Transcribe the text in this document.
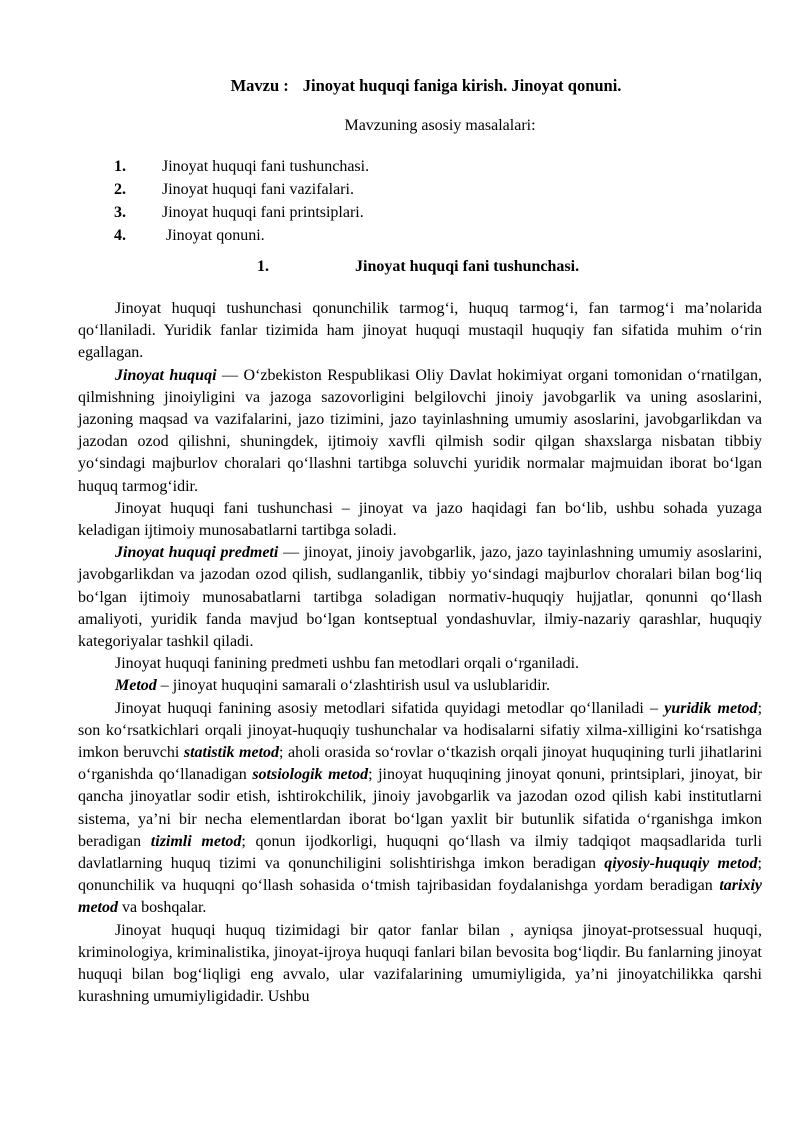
Mavzu : Jinoyat huquqi faniga kirish. Jinoyat qonuni.
Mavzuning asosiy masalalari:
1. Jinoyat huquqi fani tushunchasi.
2. Jinoyat huquqi fani vazifalari.
3. Jinoyat huquqi fani printsiplari.
4.	Jinoyat qonuni.
1.	Jinoyat huquqi fani tushunchasi.

Jinoyat huquqi tushunchasi qonunchilik tarmog‘i, huquq tarmog‘i, fan tarmog‘i ma’nolarida qo‘llaniladi. Yuridik fanlar tizimida ham jinoyat huquqi mustaqil huquqiy fan sifatida muhim o‘rin egallagan.

Jinoyat huquqi — O‘zbekiston Respublikasi Oliy Davlat hokimiyat organi tomonidan o‘rnatilgan, qilmishning jinoiyligini va jazoga sazovorligini belgilovchi jinoiy javobgarlik va uning asoslarini, jazoning maqsad va vazifalarini, jazo tizimini, jazo tayinlashning umumiy asoslarini, javobgarlikdan va jazodan ozod qilishni, shuningdek, ijtimoiy xavfli qilmish sodir qilgan shaxslarga nisbatan tibbiy yo‘sindagi majburlov choralari qo‘llashni tartibga soluvchi yuridik normalar majmuidan iborat bo‘lgan huquq tarmog‘idir.

Jinoyat huquqi fani tushunchasi – jinoyat va jazo haqidagi fan bo‘lib, ushbu sohada yuzaga keladigan ijtimoiy munosabatlarni tartibga soladi.

Jinoyat huquqi predmeti — jinoyat, jinoiy javobgarlik, jazo, jazo tayinlashning umumiy asoslarini, javobgarlikdan va jazodan ozod qilish, sudlanganlik, tibbiy yo‘sindagi majburlov choralari bilan bog‘liq bo‘lgan ijtimoiy munosabatlarni tartibga soladigan normativ-huquqiy hujjatlar, qonunni qo‘llash amaliyoti, yuridik fanda mavjud bo‘lgan kontseptual yondashuvlar, ilmiy-nazariy qarashlar, huquqiy kategoriyalar tashkil qiladi.

Jinoyat huquqi fanining predmeti ushbu fan metodlari orqali o‘rganiladi.

Metod – jinoyat huquqini samarali o‘zlashtirish usul va uslublaridir.

Jinoyat huquqi fanining asosiy metodlari sifatida quyidagi metodlar qo‘llaniladi – yuridik metod; son ko‘rsatkichlari orqali jinoyat-huquqiy tushunchalar va hodisalarni sifatiy xilma-xilligini ko‘rsatishga imkon beruvchi statistik metod; aholi orasida so‘rovlar o‘tkazish orqali jinoyat huquqining turli jihatlarini o‘rganishda qo‘llanadigan sotsiologik metod; jinoyat huquqining jinoyat qonuni, printsiplari, jinoyat, bir qancha jinoyatlar sodir etish, ishtirokchilik, jinoiy javobgarlik va jazodan ozod qilish kabi institutlarni sistema, ya’ni bir necha elementlardan iborat bo‘lgan yaxlit bir butunlik sifatida o‘rganishga imkon beradigan tizimli metod; qonun ijodkorligi, huquqni qo‘llash va ilmiy tadqiqot maqsadlarida turli davlatlarning huquq tizimi va qonunchiligini solishtirishga imkon beradigan qiyosiy-huquqiy metod; qonunchilik va huquqni qo‘llash sohasida o‘tmish tajribasidan foydalanishga yordam beradigan tarixiy metod va boshqalar.

Jinoyat huquqi huquq tizimidagi bir qator fanlar bilan , ayniqsa jinoyat-protsessual huquqi, kriminologiya, kriminalistika, jinoyat-ijroya huquqi fanlari bilan bevosita bog‘liqdir. Bu fanlarning jinoyat huquqi bilan bog‘liqligi eng avvalo, ular vazifalarining umumiyligida, ya’ni jinoyatchilikka qarshi kurashning umumiyligidadir. Ushbu
